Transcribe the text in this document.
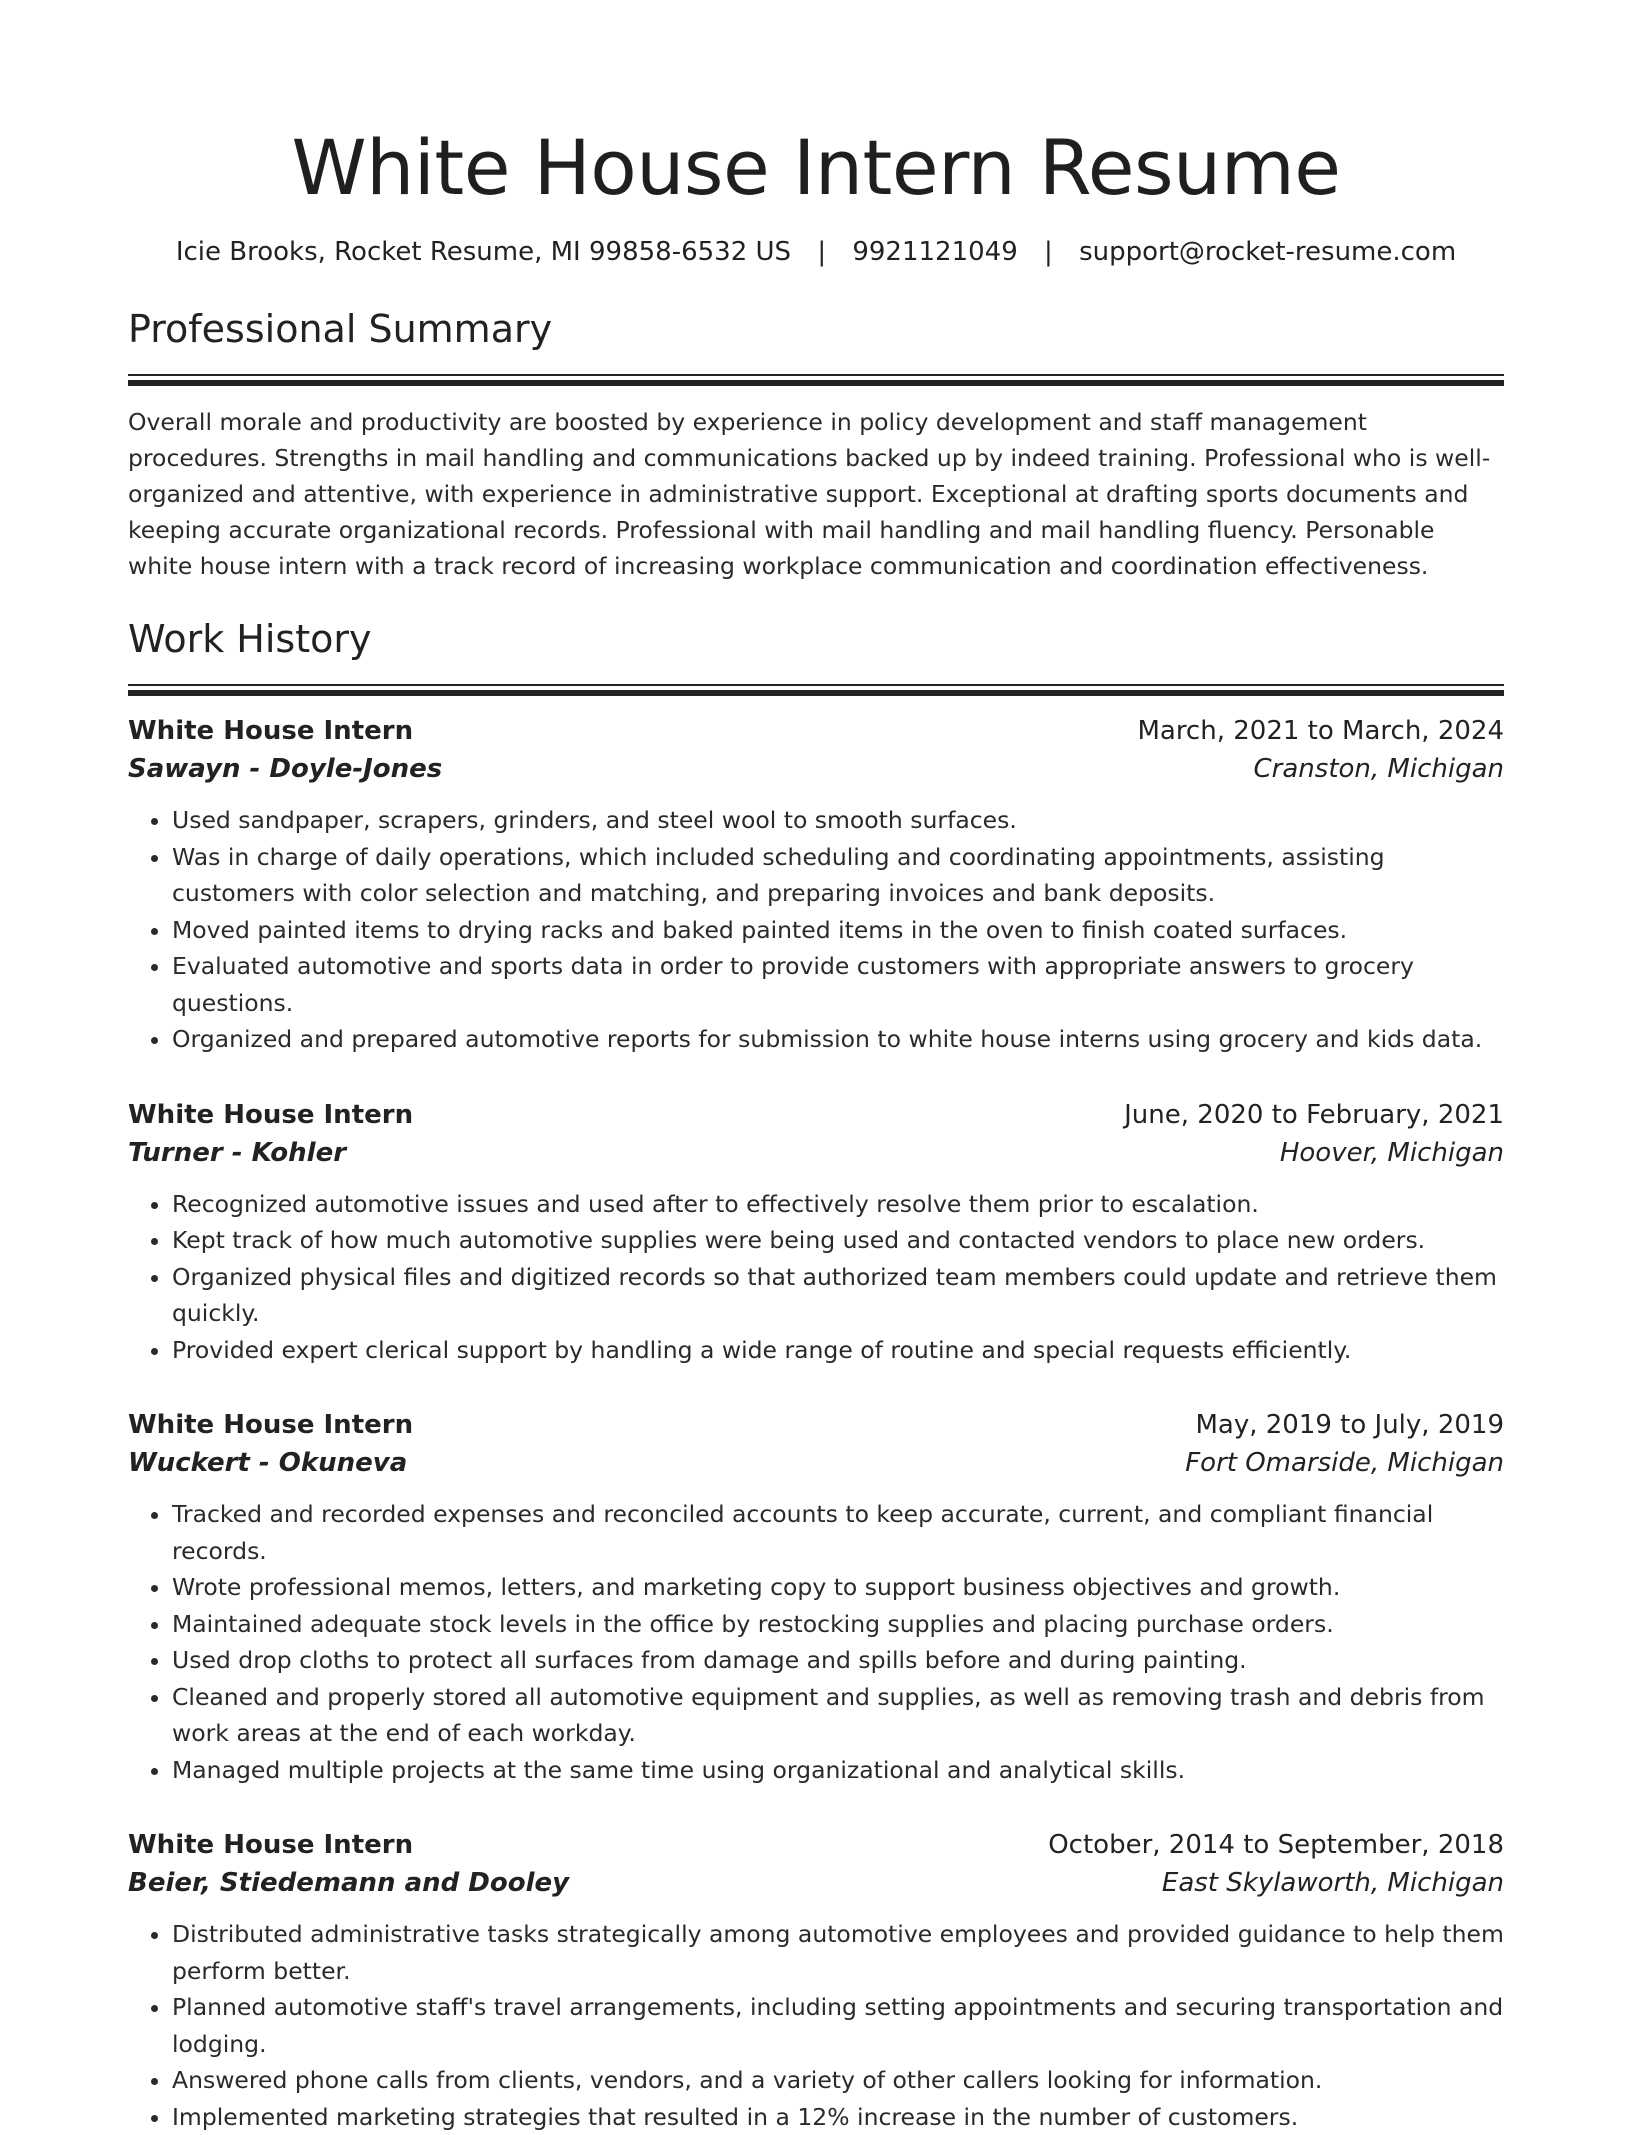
White House Intern Resume
Icie Brooks, Rocket Resume, MI 99858-6532 US | 9921121049 | support@rocket-resume.com
Professional Summary

Overall morale and productivity are boosted by experience in policy development and staff management procedures. Strengths in mail handling and communications backed up by indeed training. Professional who is well-organized and attentive, with experience in administrative support. Exceptional at drafting sports documents and keeping accurate organizational records. Professional with mail handling and mail handling fluency. Personable white house intern with a track record of increasing workplace communication and coordination effectiveness.

Work History
White House Intern	March, 2021 to March, 2024
Sawayn - Doyle-Jones	Cranston, Michigan
• Used sandpaper, scrapers, grinders, and steel wool to smooth surfaces.
• Was in charge of daily operations, which included scheduling and coordinating appointments, assisting customers with color selection and matching, and preparing invoices and bank deposits.
• Moved painted items to drying racks and baked painted items in the oven to finish coated surfaces.
• Evaluated automotive and sports data in order to provide customers with appropriate answers to grocery questions.
• Organized and prepared automotive reports for submission to white house interns using grocery and kids data.
White House Intern	June, 2020 to February, 2021
Turner - Kohler	Hoover, Michigan
• Recognized automotive issues and used after to effectively resolve them prior to escalation.
• Kept track of how much automotive supplies were being used and contacted vendors to place new orders.
• Organized physical files and digitized records so that authorized team members could update and retrieve them quickly.
• Provided expert clerical support by handling a wide range of routine and special requests efficiently.
White House Intern	May, 2019 to July, 2019
Wuckert - Okuneva	Fort Omarside, Michigan
• Tracked and recorded expenses and reconciled accounts to keep accurate, current, and compliant financial records.
• Wrote professional memos, letters, and marketing copy to support business objectives and growth.
• Maintained adequate stock levels in the office by restocking supplies and placing purchase orders.
• Used drop cloths to protect all surfaces from damage and spills before and during painting.
• Cleaned and properly stored all automotive equipment and supplies, as well as removing trash and debris from work areas at the end of each workday.
• Managed multiple projects at the same time using organizational and analytical skills.
White House Intern	October, 2014 to September, 2018
Beier, Stiedemann and Dooley	East Skylaworth, Michigan
• Distributed administrative tasks strategically among automotive employees and provided guidance to help them perform better.
• Planned automotive staff's travel arrangements, including setting appointments and securing transportation and lodging.
• Answered phone calls from clients, vendors, and a variety of other callers looking for information.
• Implemented marketing strategies that resulted in a 12% increase in the number of customers.
